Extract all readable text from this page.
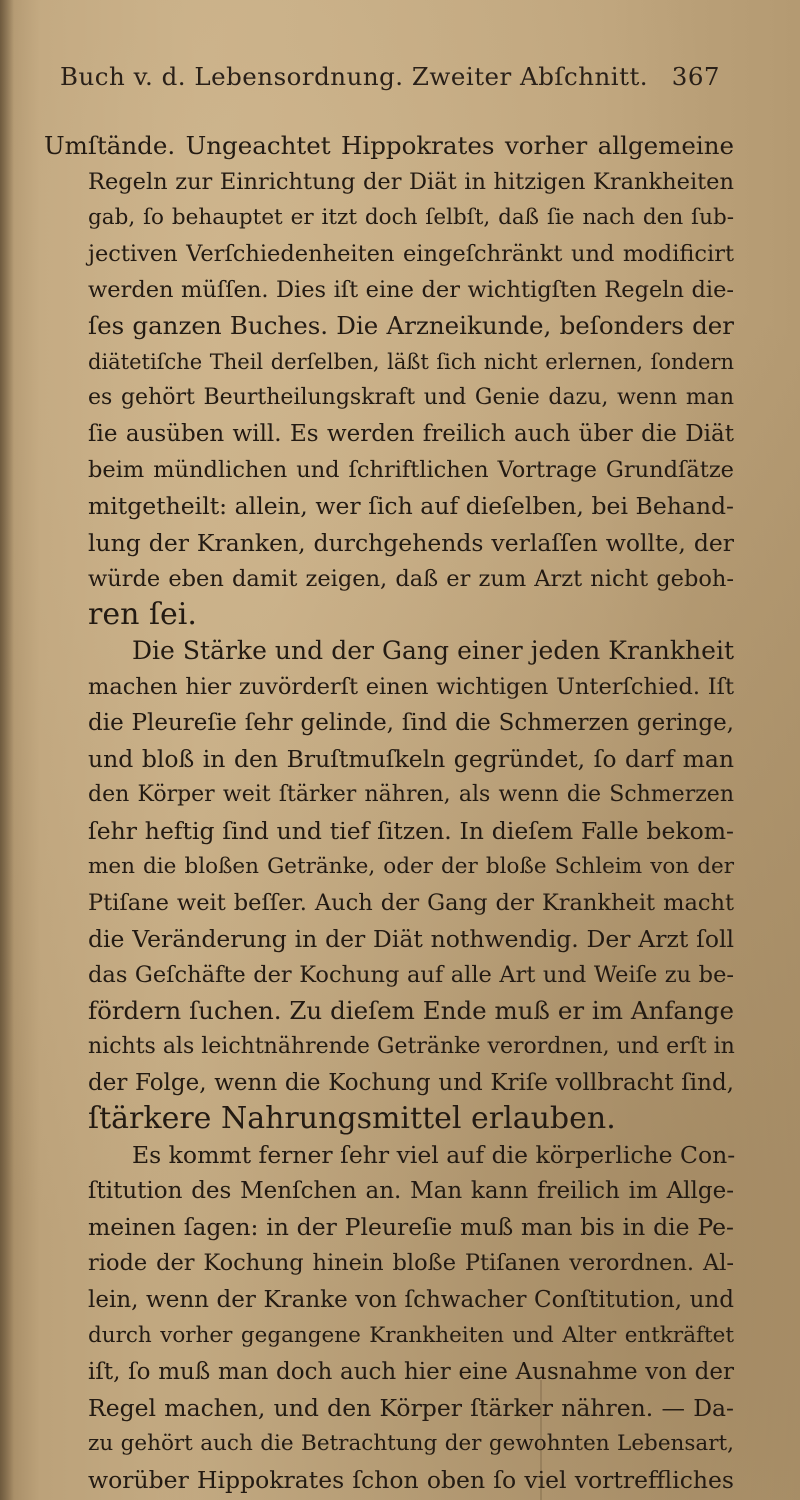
Buch v. d. Lebensordnung. Zweiter Abſchnitt. 367
Umſtände. Ungeachtet Hippokrates vorher allgemeine
Regeln zur Einrichtung der Diät in hitzigen Krankheiten
gab, ſo behauptet er itzt doch ſelbſt, daß ſie nach den ſub-
jectiven Verſchiedenheiten eingeſchränkt und modificirt
werden müſſen. Dies iſt eine der wichtigſten Regeln die-
ſes ganzen Buches. Die Arzneikunde, beſonders der
diätetiſche Theil derſelben, läßt ſich nicht erlernen, ſondern
es gehört Beurtheilungskraft und Genie dazu, wenn man
ſie ausüben will. Es werden freilich auch über die Diät
beim mündlichen und ſchriftlichen Vortrage Grundſätze
mitgetheilt: allein, wer ſich auf dieſelben, bei Behand-
lung der Kranken, durchgehends verlaſſen wollte, der
würde eben damit zeigen, daß er zum Arzt nicht geboh-
ren ſei.
Die Stärke und der Gang einer jeden Krankheit
machen hier zuvörderſt einen wichtigen Unterſchied. Iſt
die Pleureſie ſehr gelinde, ſind die Schmerzen geringe,
und bloß in den Bruſtmuſkeln gegründet, ſo darf man
den Körper weit ſtärker nähren, als wenn die Schmerzen
ſehr heftig ſind und tief ſitzen. In dieſem Falle bekom-
men die bloßen Getränke, oder der bloße Schleim von der
Ptiſane weit beſſer. Auch der Gang der Krankheit macht
die Veränderung in der Diät nothwendig. Der Arzt ſoll
das Geſchäfte der Kochung auf alle Art und Weiſe zu be-
fördern ſuchen. Zu dieſem Ende muß er im Anfange
nichts als leichtnährende Getränke verordnen, und erſt in
der Folge, wenn die Kochung und Kriſe vollbracht ſind,
ſtärkere Nahrungsmittel erlauben.
Es kommt ferner ſehr viel auf die körperliche Con-
ſtitution des Menſchen an. Man kann freilich im Allge-
meinen ſagen: in der Pleureſie muß man bis in die Pe-
riode der Kochung hinein bloße Ptiſanen verordnen. Al-
lein, wenn der Kranke von ſchwacher Conſtitution, und
durch vorher gegangene Krankheiten und Alter entkräftet
iſt, ſo muß man doch auch hier eine Ausnahme von der
Regel machen, und den Körper ſtärker nähren. — Da-
zu gehört auch die Betrachtung der gewohnten Lebensart,
worüber Hippokrates ſchon oben ſo viel vortreffliches
